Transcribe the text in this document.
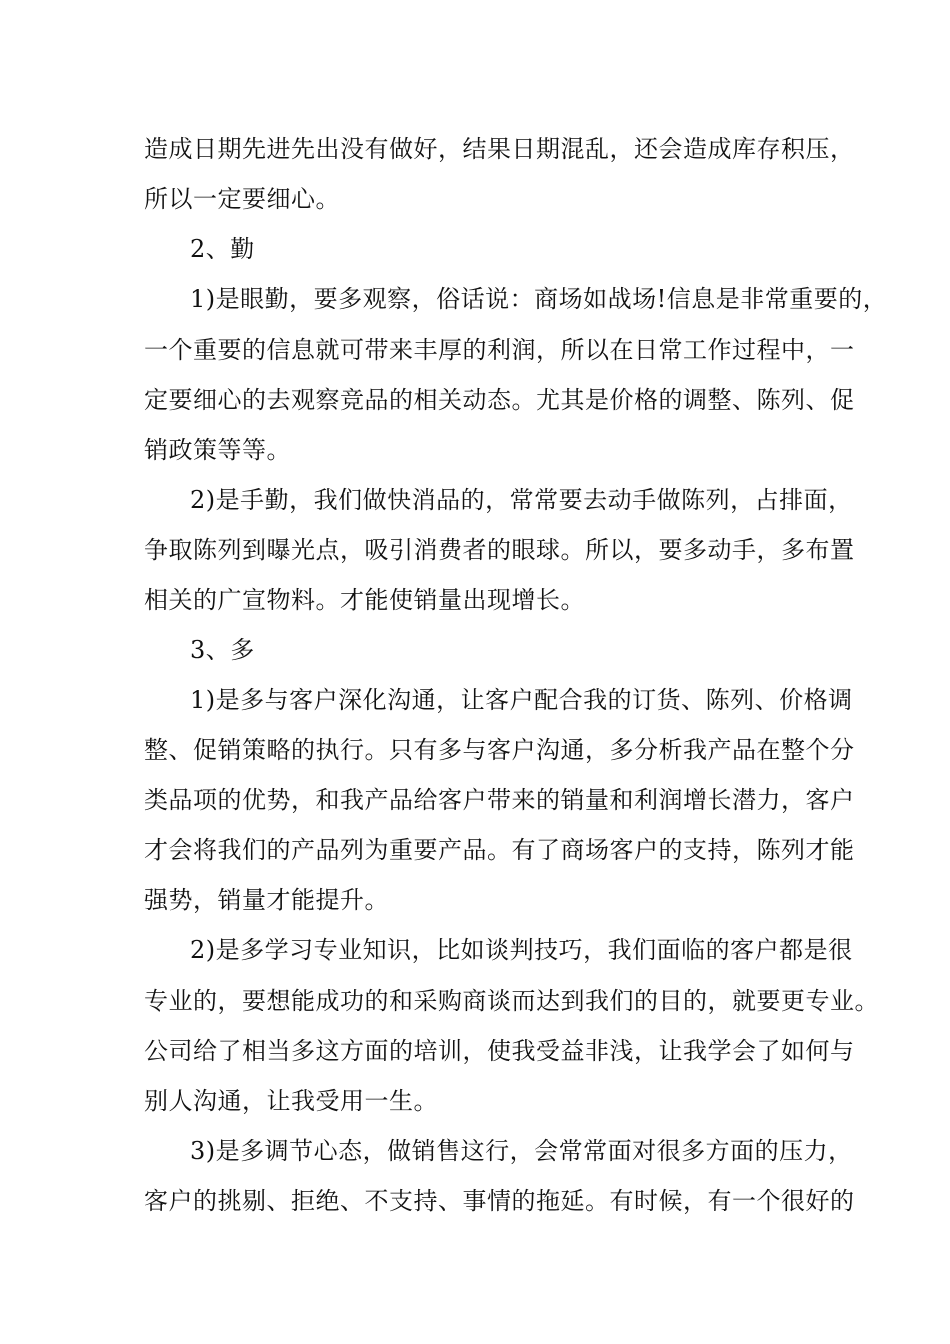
造成日期先进先出没有做好，结果日期混乱，还会造成库存积压，
所以一定要细心。
2、勤
1)是眼勤，要多观察，俗话说：商场如战场!信息是非常重要的，
一个重要的信息就可带来丰厚的利润，所以在日常工作过程中，一
定要细心的去观察竞品的相关动态。尤其是价格的调整、陈列、促
销政策等等。
2)是手勤，我们做快消品的，常常要去动手做陈列，占排面，
争取陈列到曝光点，吸引消费者的眼球。所以，要多动手，多布置
相关的广宣物料。才能使销量出现增长。
3、多
1)是多与客户深化沟通，让客户配合我的订货、陈列、价格调
整、促销策略的执行。只有多与客户沟通，多分析我产品在整个分
类品项的优势，和我产品给客户带来的销量和利润增长潜力，客户
才会将我们的产品列为重要产品。有了商场客户的支持，陈列才能
强势，销量才能提升。
2)是多学习专业知识，比如谈判技巧，我们面临的客户都是很
专业的，要想能成功的和采购商谈而达到我们的目的，就要更专业。
公司给了相当多这方面的培训，使我受益非浅，让我学会了如何与
别人沟通，让我受用一生。
3)是多调节心态，做销售这行，会常常面对很多方面的压力，
客户的挑剔、拒绝、不支持、事情的拖延。有时候，有一个很好的
